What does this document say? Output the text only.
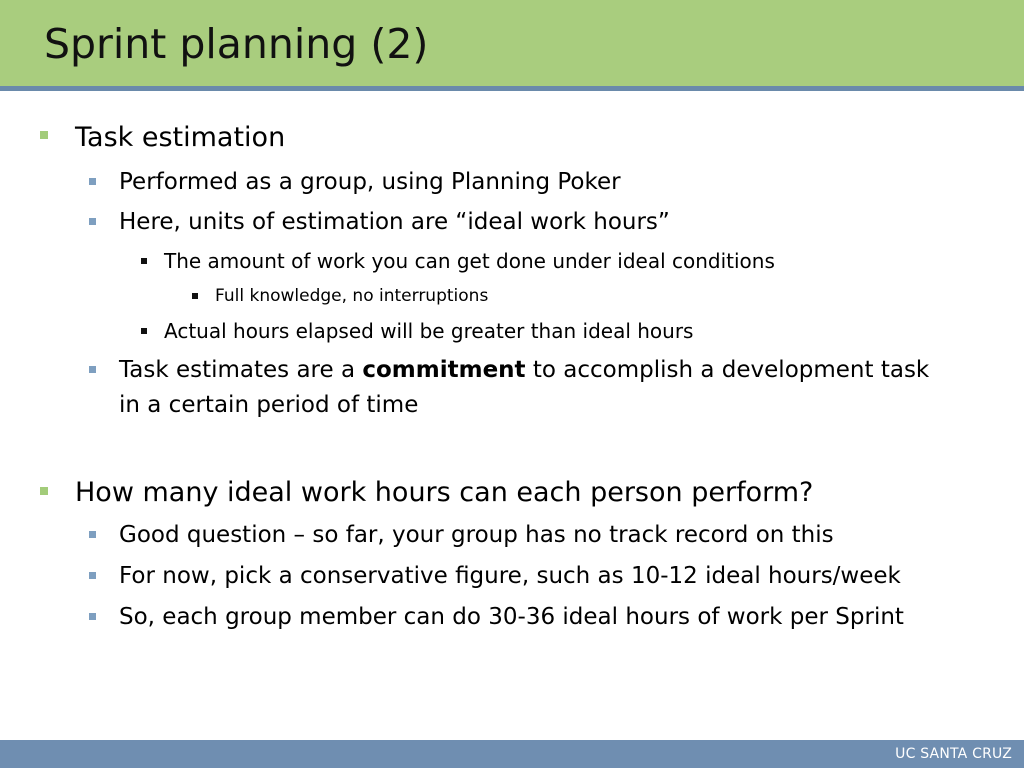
Sprint planning (2)
Task estimation
Performed as a group, using Planning Poker
Here, units of estimation are “ideal work hours”
The amount of work you can get done under ideal conditions
Full knowledge, no interruptions
Actual hours elapsed will be greater than ideal hours
Task estimates are a commitment to accomplish a development task
in a certain period of time
How many ideal work hours can each person perform?
Good question – so far, your group has no track record on this
For now, pick a conservative figure, such as 10-12 ideal hours/week
So, each group member can do 30-36 ideal hours of work per Sprint
UC SANTA CRUZ
